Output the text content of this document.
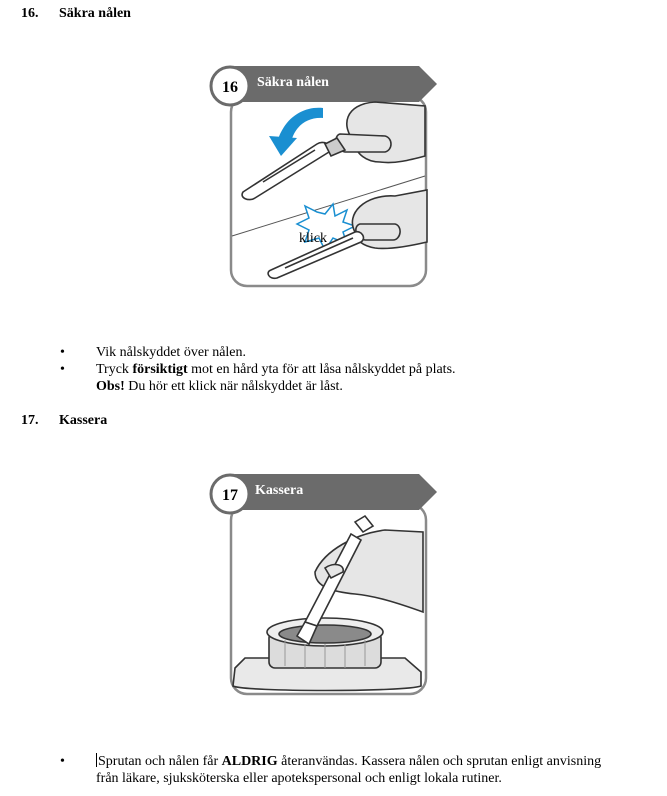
16. Säkra nålen
Säkra nålen
16
klick
• Vik nålskyddet över nålen.
• Tryck försiktigt mot en hård yta för att låsa nålskyddet på plats.
Obs! Du hör ett klick när nålskyddet är låst.
17. Kassera
Kassera
17
• Sprutan och nålen får ALDRIG återanvändas. Kassera nålen och sprutan enligt anvisning
från läkare, sjuksköterska eller apotekspersonal och enligt lokala rutiner.
